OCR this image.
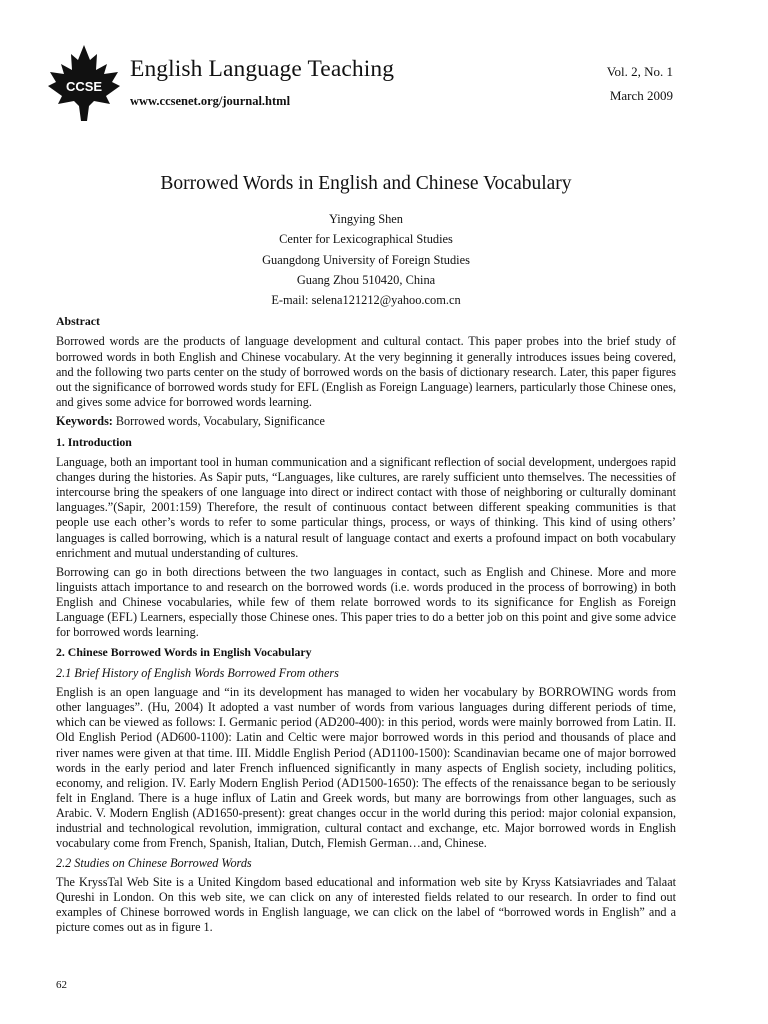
CCSE
English Language Teaching
www.ccsenet.org/journal.html
Vol. 2, No. 1
March 2009
Borrowed Words in English and Chinese Vocabulary
Yingying Shen
Center for Lexicographical Studies
Guangdong University of Foreign Studies
Guang Zhou 510420, China
E-mail: selena121212@yahoo.com.cn
Abstract

Borrowed words are the products of language development and cultural contact. This paper probes into the brief study of borrowed words in both English and Chinese vocabulary. At the very beginning it generally introduces issues being covered, and the following two parts center on the study of borrowed words on the basis of dictionary research. Later, this paper figures out the significance of borrowed words study for EFL (English as Foreign Language) learners, particularly those Chinese ones, and gives some advice for borrowed words learning.

Keywords: Borrowed words, Vocabulary, Significance
1. Introduction

Language, both an important tool in human communication and a significant reflection of social development, undergoes rapid changes during the histories. As Sapir puts, “Languages, like cultures, are rarely sufficient unto themselves. The necessities of intercourse bring the speakers of one language into direct or indirect contact with those of neighboring or culturally dominant languages.”(Sapir, 2001:159) Therefore, the result of continuous contact between different speaking communities is that people use each other’s words to refer to some particular things, process, or ways of thinking. This kind of using others’ languages is called borrowing, which is a natural result of language contact and exerts a profound impact on both vocabulary enrichment and mutual understanding of cultures.

Borrowing can go in both directions between the two languages in contact, such as English and Chinese. More and more linguists attach importance to and research on the borrowed words (i.e. words produced in the process of borrowing) in both English and Chinese vocabularies, while few of them relate borrowed words to its significance for English as Foreign Language (EFL) Learners, especially those Chinese ones. This paper tries to do a better job on this point and give some advice for borrowed words learning.

2. Chinese Borrowed Words in English Vocabulary
2.1 Brief History of English Words Borrowed From others

English is an open language and “in its development has managed to widen her vocabulary by BORROWING words from other languages”. (Hu, 2004) It adopted a vast number of words from various languages during different periods of time, which can be viewed as follows: I. Germanic period (AD200-400): in this period, words were mainly borrowed from Latin. II. Old English Period (AD600-1100): Latin and Celtic were major borrowed words in this period and thousands of place and river names were given at that time. III. Middle English Period (AD1100-1500): Scandinavian became one of major borrowed words in the early period and later French influenced significantly in many aspects of English society, including politics, economy, and religion. IV. Early Modern English Period (AD1500-1650): The effects of the renaissance began to be seriously felt in England. There is a huge influx of Latin and Greek words, but many are borrowings from other languages, such as Arabic. V. Modern English (AD1650-present): great changes occur in the world during this period: major colonial expansion, industrial and technological revolution, immigration, cultural contact and exchange, etc. Major borrowed words in English vocabulary come from French, Spanish, Italian, Dutch, Flemish German…and, Chinese.

2.2 Studies on Chinese Borrowed Words

The KryssTal Web Site is a United Kingdom based educational and information web site by Kryss Katsiavriades and Talaat Qureshi in London. On this web site, we can click on any of interested fields related to our research. In order to find out examples of Chinese borrowed words in English language, we can click on the label of “borrowed words in English” and a picture comes out as in figure 1.

62
